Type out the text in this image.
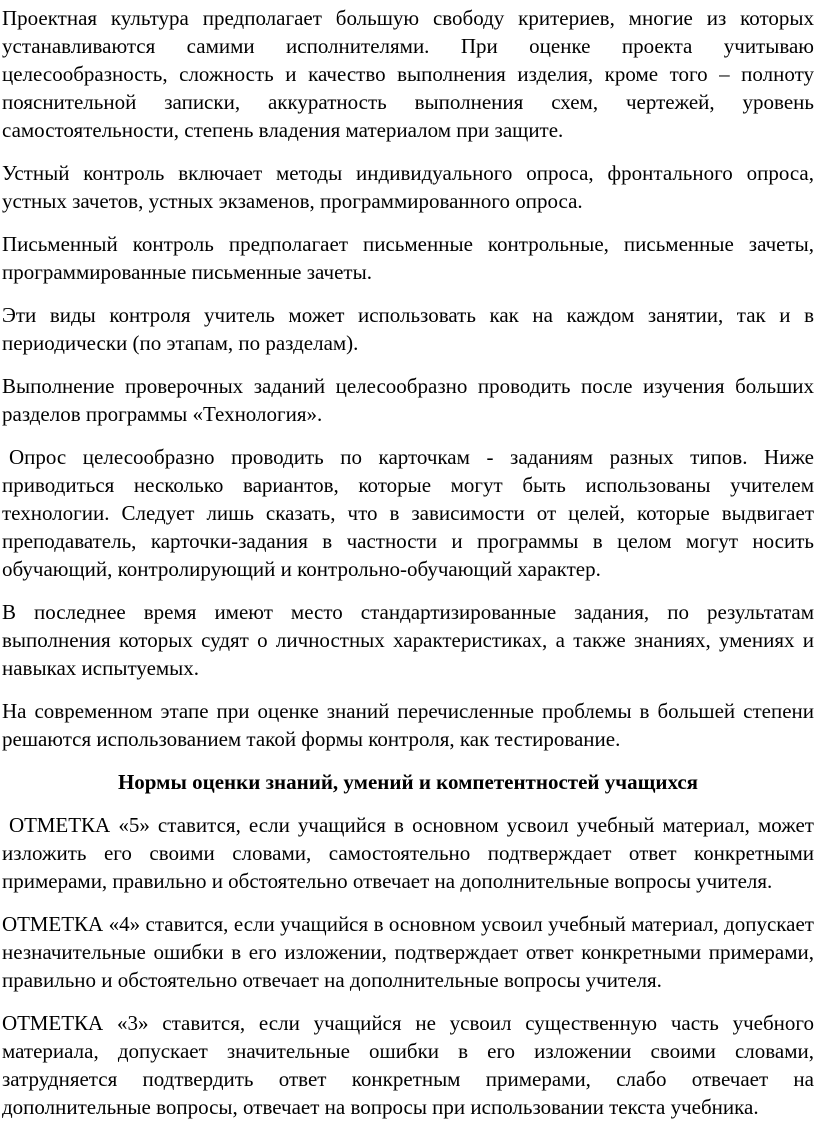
Проектная культура предполагает большую свободу критериев, многие из которых устанавливаются самими исполнителями. При оценке проекта учитываю целесообразность, сложность и качество выполнения изделия, кроме того – полноту пояснительной записки, аккуратность выполнения схем, чертежей, уровень самостоятельности, степень владения материалом при защите.

Устный контроль включает методы индивидуального опроса, фронтального опроса, устных зачетов, устных экзаменов, программированного опроса.

Письменный контроль предполагает письменные контрольные, письменные зачеты, программированные письменные зачеты.

Эти виды контроля учитель может использовать как на каждом занятии, так и в периодически (по этапам, по разделам).

Выполнение проверочных заданий целесообразно проводить после изучения больших разделов программы «Технология».

Опрос целесообразно проводить по карточкам - заданиям разных типов. Ниже приводиться несколько вариантов, которые могут быть использованы учителем технологии. Следует лишь сказать, что в зависимости от целей, которые выдвигает преподаватель, карточки-задания в частности и программы в целом могут носить обучающий, контролирующий и контрольно-обучающий характер.

В последнее время имеют место стандартизированные задания, по результатам выполнения которых судят о личностных характеристиках, а также знаниях, умениях и навыках испытуемых.

На современном этапе при оценке знаний перечисленные проблемы в большей степени решаются использованием такой формы контроля, как тестирование.

Нормы оценки знаний, умений и компетентностей учащихся

ОТМЕТКА «5» ставится, если учащийся в основном усвоил учебный материал, может изложить его своими словами, самостоятельно подтверждает ответ конкретными примерами, правильно и обстоятельно отвечает на дополнительные вопросы учителя.

ОТМЕТКА «4» ставится, если учащийся в основном усвоил учебный материал, допускает незначительные ошибки в его изложении, подтверждает ответ конкретными примерами, правильно и обстоятельно отвечает на дополнительные вопросы учителя.

ОТМЕТКА «3» ставится, если учащийся не усвоил существенную часть учебного материала, допускает значительные ошибки в его изложении своими словами, затрудняется подтвердить ответ конкретным примерами, слабо отвечает на дополнительные вопросы, отвечает на вопросы при использовании текста учебника.
